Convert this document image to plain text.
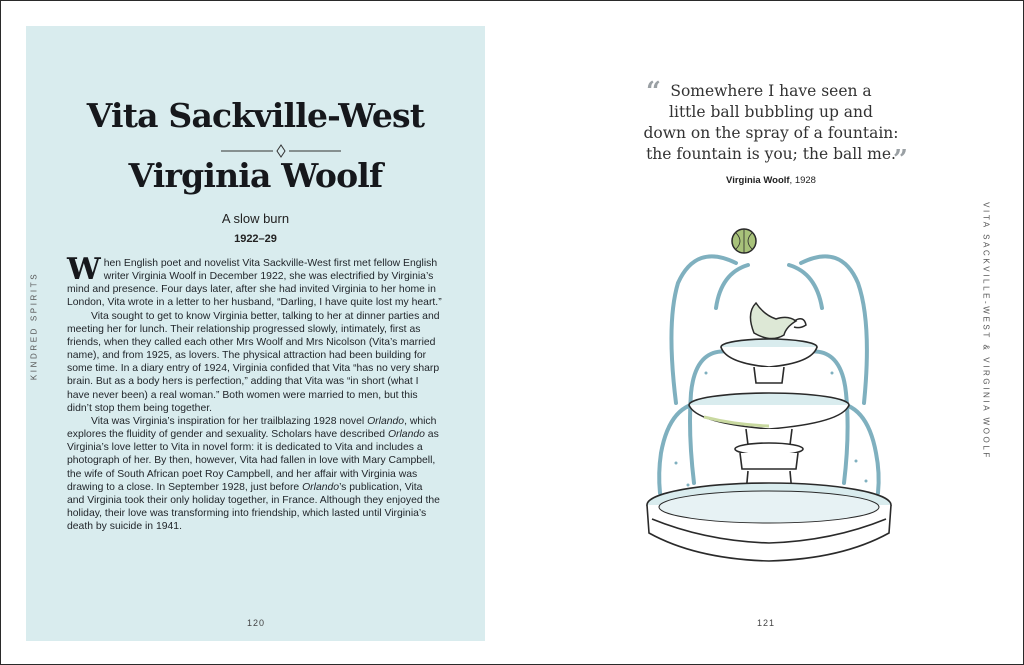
Vita Sackville-West
Virginia Woolf
A slow burn
1922–29
KINDRED SPIRITS

When English poet and novelist Vita Sackville-West first met fellow English writer Virginia Woolf in December 1922, she was electrified by Virginia’s mind and presence. Four days later, after she had invited Virginia to her home in London, Vita wrote in a letter to her husband, “Darling, I have quite lost my heart.”

Vita sought to get to know Virginia better, talking to her at dinner parties and meeting her for lunch. Their relationship progressed slowly, intimately, first as friends, when they called each other Mrs Woolf and Mrs Nicolson (Vita’s married name), and from 1925, as lovers. The physical attraction had been building for some time. In a diary entry of 1924, Virginia confided that Vita “has no very sharp brain. But as a body hers is perfection,” adding that Vita was “in short (what I have never been) a real woman.” Both women were married to men, but this didn’t stop them being together.

Vita was Virginia’s inspiration for her trailblazing 1928 novel Orlando, which explores the fluidity of gender and sexuality. Scholars have described Orlando as Virginia’s love letter to Vita in novel form: it is dedicated to Vita and includes a photograph of her. By then, however, Vita had fallen in love with Mary Campbell, the wife of South African poet Roy Campbell, and her affair with Virginia was drawing to a close. In September 1928, just before Orlando’s publication, Vita and Virginia took their only holiday together, in France. Although they enjoyed the holiday, their love was transforming into friendship, which lasted until Virginia’s death by suicide in 1941.

120
“ Somewhere I have seen a
little ball bubbling up and
down on the spray of a fountain:
the fountain is you; the ball me.
”
Virginia Woolf, 1928
VITA SACKVILLE-WEST & VIRGINIA WOOLF
121
